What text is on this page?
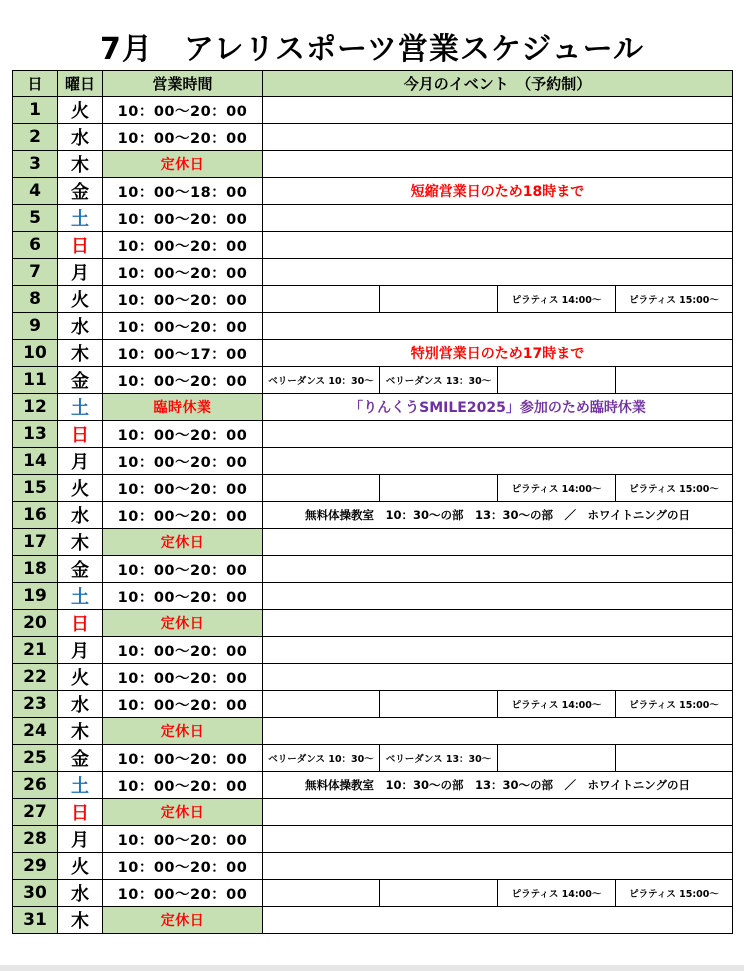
7月　アレリスポーツ営業スケジュール
日	曜日	営業時間	今月のイベント　（予約制）			
1	火	10：00～20：00				
2	水	10：00～20：00				
3	木	定休日				
4	金	10：00～18：00	短縮営業日のため18時まで			
5	土	10：00～20：00				
6	日	10：00～20：00				
7	月	10：00～20：00				
8	火	10：00～20：00			ピラティス 14:00～	ピラティス 15:00～
9	水	10：00～20：00				
10	木	10：00～17：00	特別営業日のため17時まで			
11	金	10：00～20：00	ベリーダンス 10：30～	ベリーダンス 13：30～		
12	土	臨時休業	「りんくうSMILE2025」参加のため臨時休業			
13	日	10：00～20：00				
14	月	10：00～20：00				
15	火	10：00～20：00			ピラティス 14:00～	ピラティス 15:00～
16	水	10：00～20：00	無料体操教室　10：30～の部　13：30～の部　／　ホワイトニングの日			
17	木	定休日				
18	金	10：00～20：00				
19	土	10：00～20：00				
20	日	定休日				
21	月	10：00～20：00				
22	火	10：00～20：00				
23	水	10：00～20：00			ピラティス 14:00～	ピラティス 15:00～
24	木	定休日				
25	金	10：00～20：00	ベリーダンス 10：30～	ベリーダンス 13：30～		
26	土	10：00～20：00	無料体操教室　10：30～の部　13：30～の部　／　ホワイトニングの日			
27	日	定休日				
28	月	10：00～20：00				
29	火	10：00～20：00				
30	水	10：00～20：00			ピラティス 14:00～	ピラティス 15:00～
31	木	定休日				
